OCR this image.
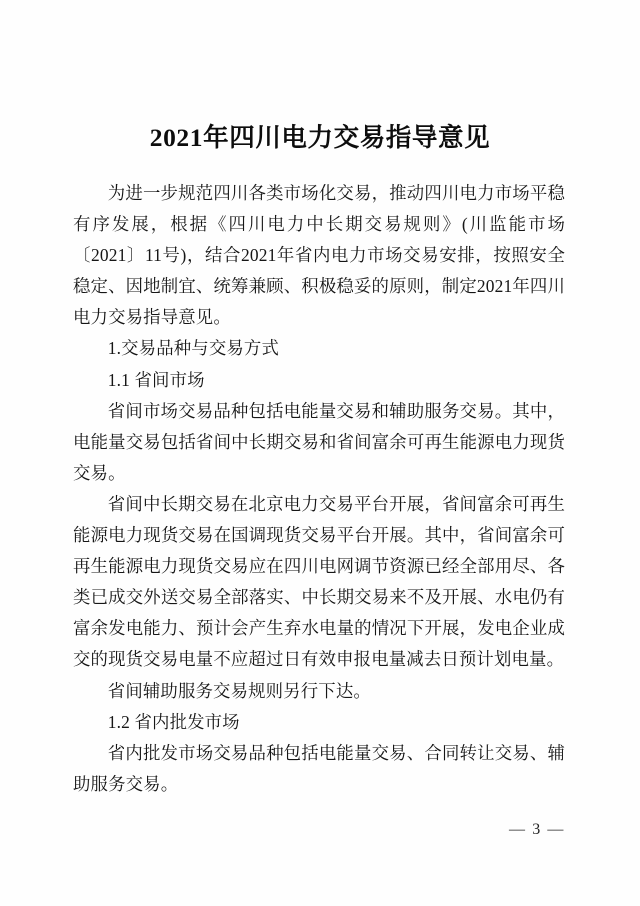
2021年四川电力交易指导意见

为进一步规范四川各类市场化交易，推动四川电力市场平稳有序发展，根据《四川电力中长期交易规则》(川监能市场〔2021〕11号)，结合2021年省内电力市场交易安排，按照安全稳定、因地制宜、统筹兼顾、积极稳妥的原则，制定2021年四川电力交易指导意见。

1.交易品种与交易方式

1.1 省间市场

省间市场交易品种包括电能量交易和辅助服务交易。其中，电能量交易包括省间中长期交易和省间富余可再生能源电力现货交易。

省间中长期交易在北京电力交易平台开展，省间富余可再生能源电力现货交易在国调现货交易平台开展。其中，省间富余可再生能源电力现货交易应在四川电网调节资源已经全部用尽、各类已成交外送交易全部落实、中长期交易来不及开展、水电仍有富余发电能力、预计会产生弃水电量的情况下开展，发电企业成交的现货交易电量不应超过日有效申报电量减去日预计划电量。

省间辅助服务交易规则另行下达。

1.2 省内批发市场

省内批发市场交易品种包括电能量交易、合同转让交易、辅助服务交易。

— 3 —
